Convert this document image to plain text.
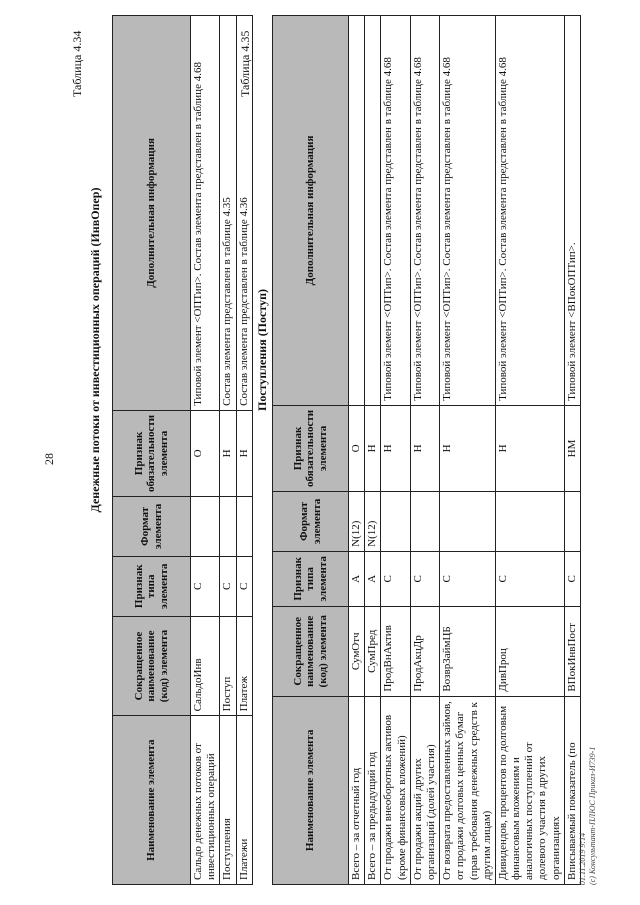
28
Таблица 4.34
Денежные потоки от инвестиционных операций (ИнвОпер)
Наименование элемента	Сокращенное наименование (код) элемента	Признак типа элемента	Формат элемента	Признак обязательности элемента	Дополнительная информация
Сальдо денежных потоков от инвестиционных операций	СальдоИнв	С		О	Типовой элемент <ОПТип>. Состав элемента представлен в таблице 4.68
Поступления	Поступ	С		Н	Состав элемента представлен в таблице 4.35
Платежи	Платеж	С		Н	Состав элемента представлен в таблице 4.36
Таблица 4.35
Поступления (Поступ)
Наименование элемента	Сокращенное наименование (код) элемента	Признак типа элемента	Формат элемента	Признак обязательности элемента	Дополнительная информация
Всего – за отчетный год	СумОтч	А	N(12)	О	
Всего – за предыдущий год	СумПред	А	N(12)	Н	
От продажи внеоборотных активов (кроме финансовых вложений)	ПродВнАктив	С		Н	Типовой элемент <ОПТип>. Состав элемента представлен в таблице 4.68
От продажи акций других организаций (долей участия)	ПродАкцДр	С		Н	Типовой элемент <ОПТип>. Состав элемента представлен в таблице 4.68
От возврата предоставленных займов, от продажи долговых ценных бумаг (прав требования денежных средств к другим лицам)	ВозврЗаймЦБ	С		Н	Типовой элемент <ОПТип>. Состав элемента представлен в таблице 4.68
Дивидендов, процентов по долговым финансовым вложениям и аналогичных поступлений от долевого участия в других организациях	ДивПроц	С		Н	Типовой элемент <ОПТип>. Состав элемента представлен в таблице 4.68
Вписываемый показатель (по	ВПокИнвПост	С		НМ	Типовой элемент <ВПокОПТип>.
01.11.2019 9:14 (c) Консультант-ПЛЮС Приказ-И739-1
